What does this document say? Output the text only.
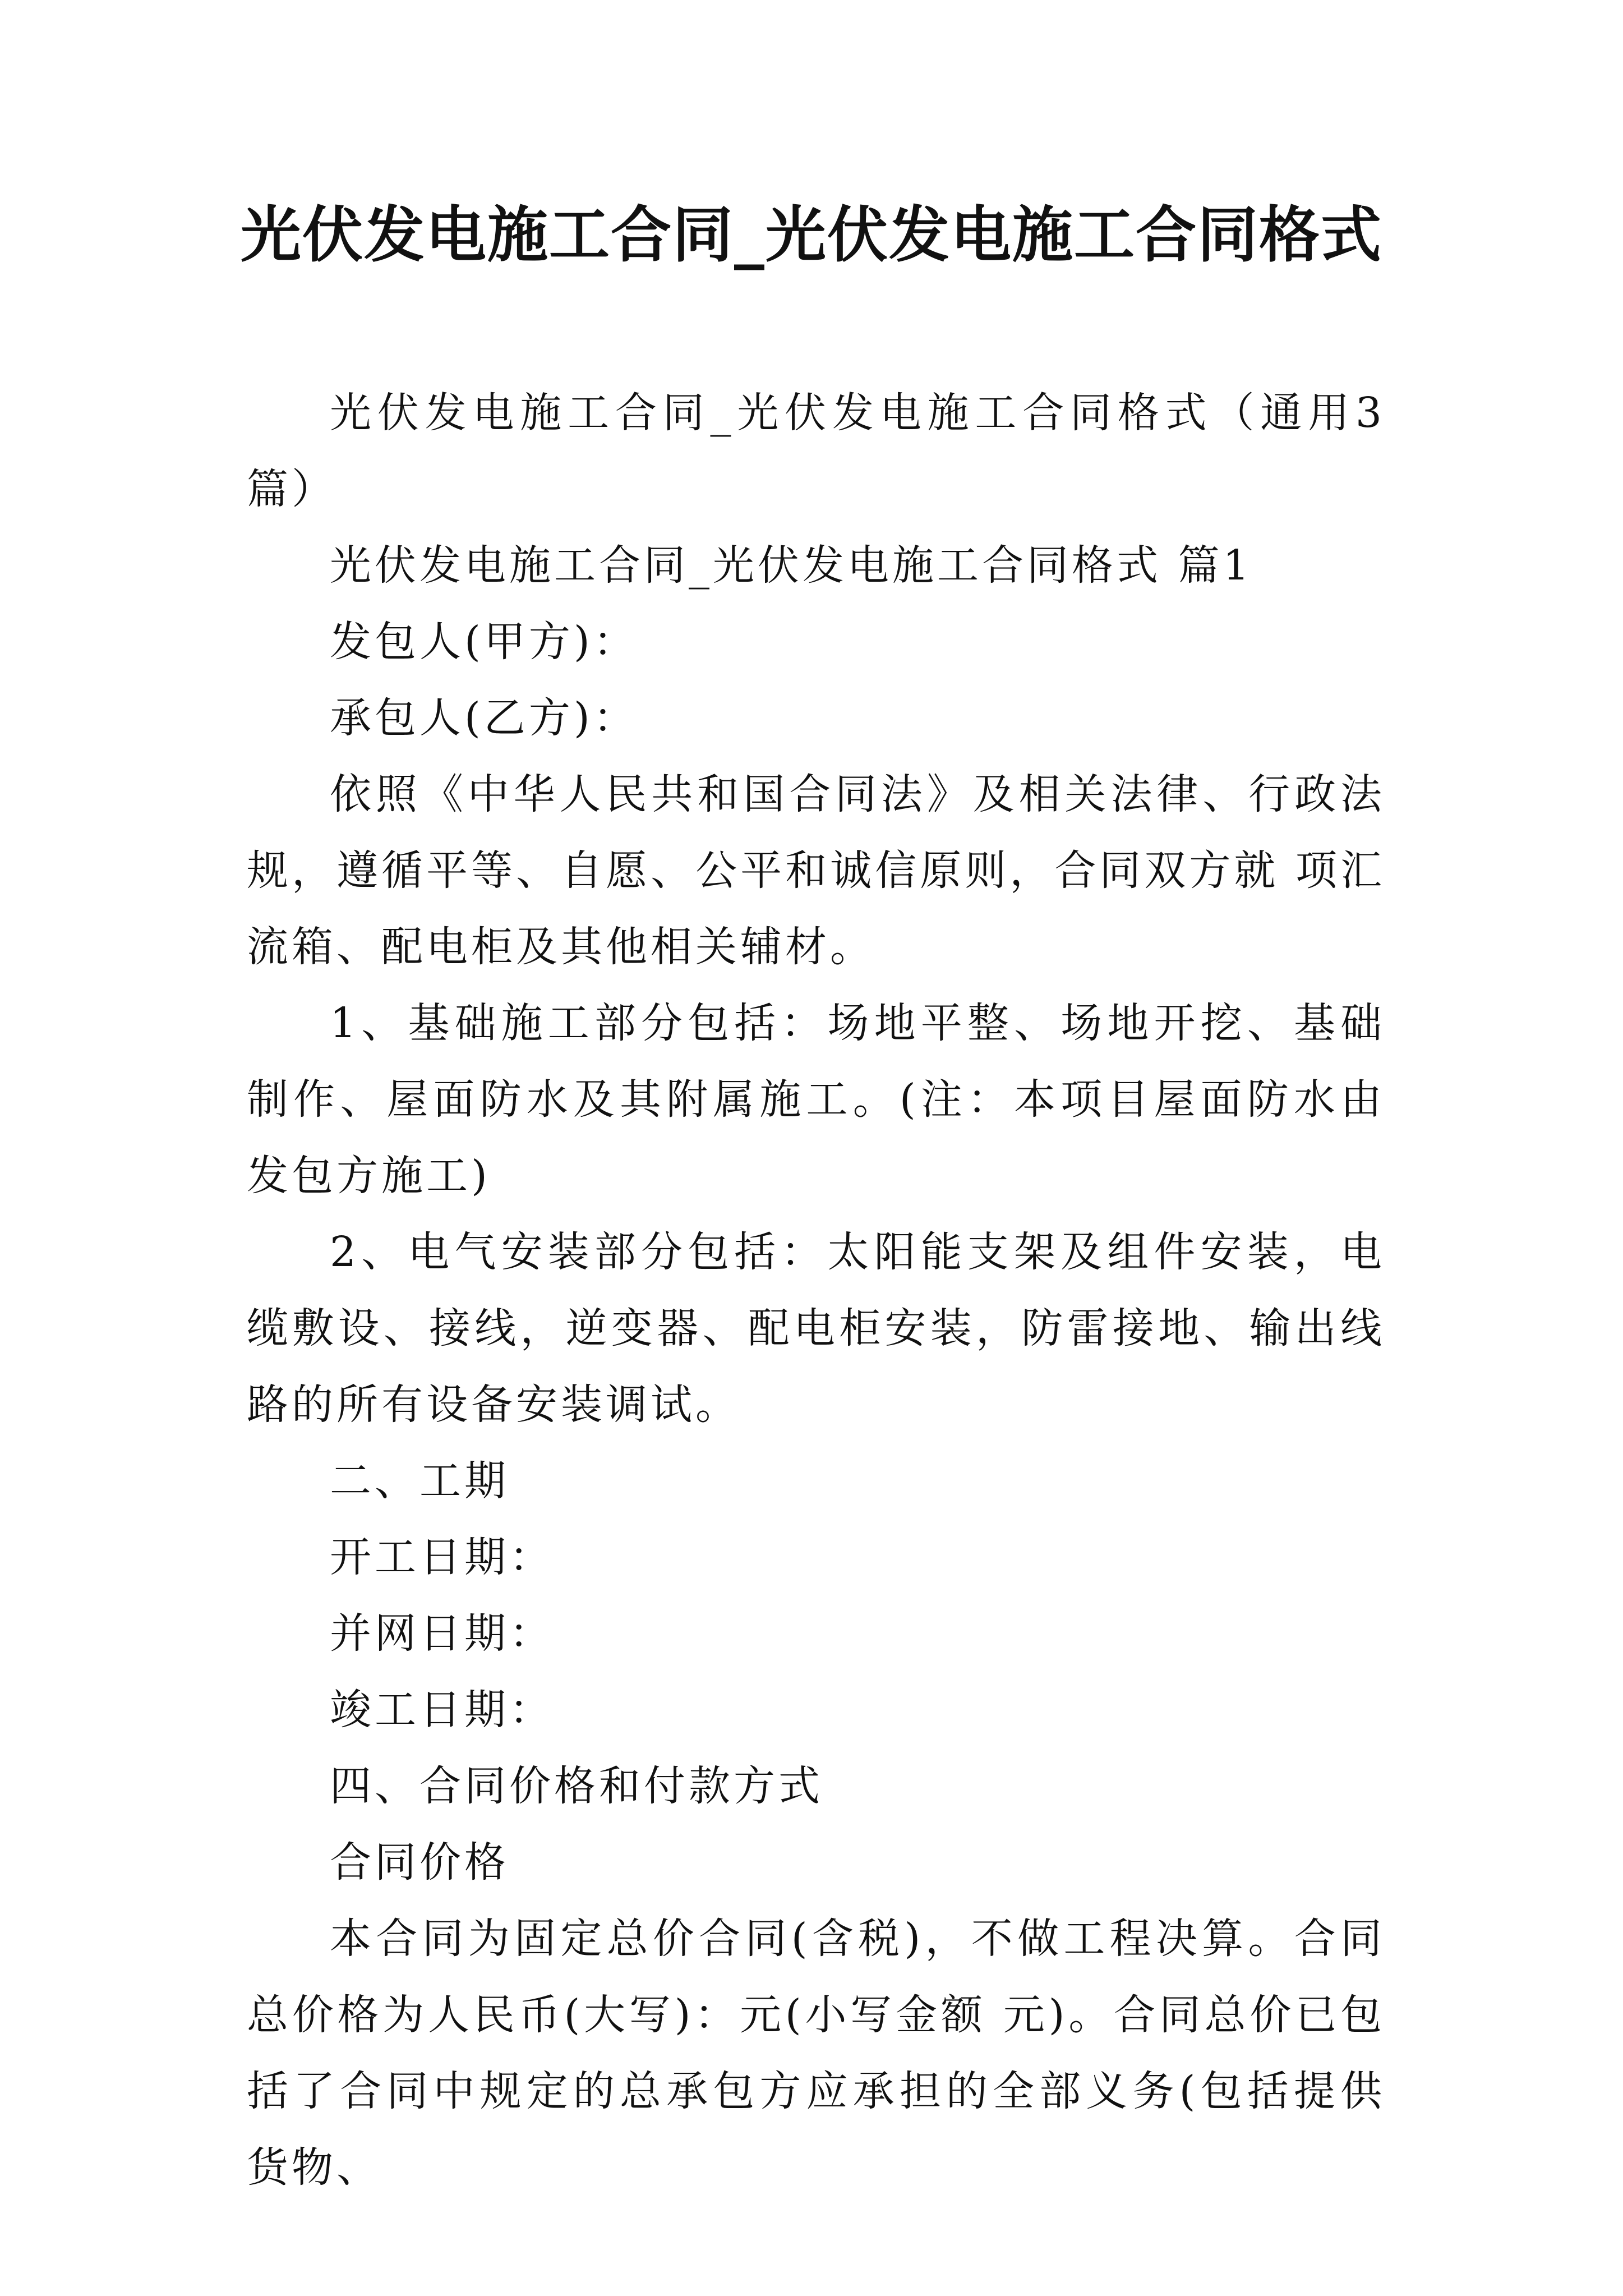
光伏发电施工合同_光伏发电施工合同格式

光伏发电施工合同_光伏发电施工合同格式（通用3篇）

光伏发电施工合同_光伏发电施工合同格式 篇1

发包人(甲方)：

承包人(乙方)：

依照《中华人民共和国合同法》及相关法律、行政法规，遵循平等、自愿、公平和诚信原则，合同双方就 项汇流箱、配电柜及其他相关辅材。

1、基础施工部分包括：场地平整、场地开挖、基础制作、屋面防水及其附属施工。(注：本项目屋面防水由发包方施工)

2、电气安装部分包括：太阳能支架及组件安装，电缆敷设、接线，逆变器、配电柜安装，防雷接地、输出线路的所有设备安装调试。

二、工期

开工日期：

并网日期：

竣工日期：

四、合同价格和付款方式

合同价格

本合同为固定总价合同(含税)，不做工程决算。合同总价格为人民币(大写)：元(小写金额 元)。合同总价已包括了合同中规定的总承包方应承担的全部义务(包括提供货物、
